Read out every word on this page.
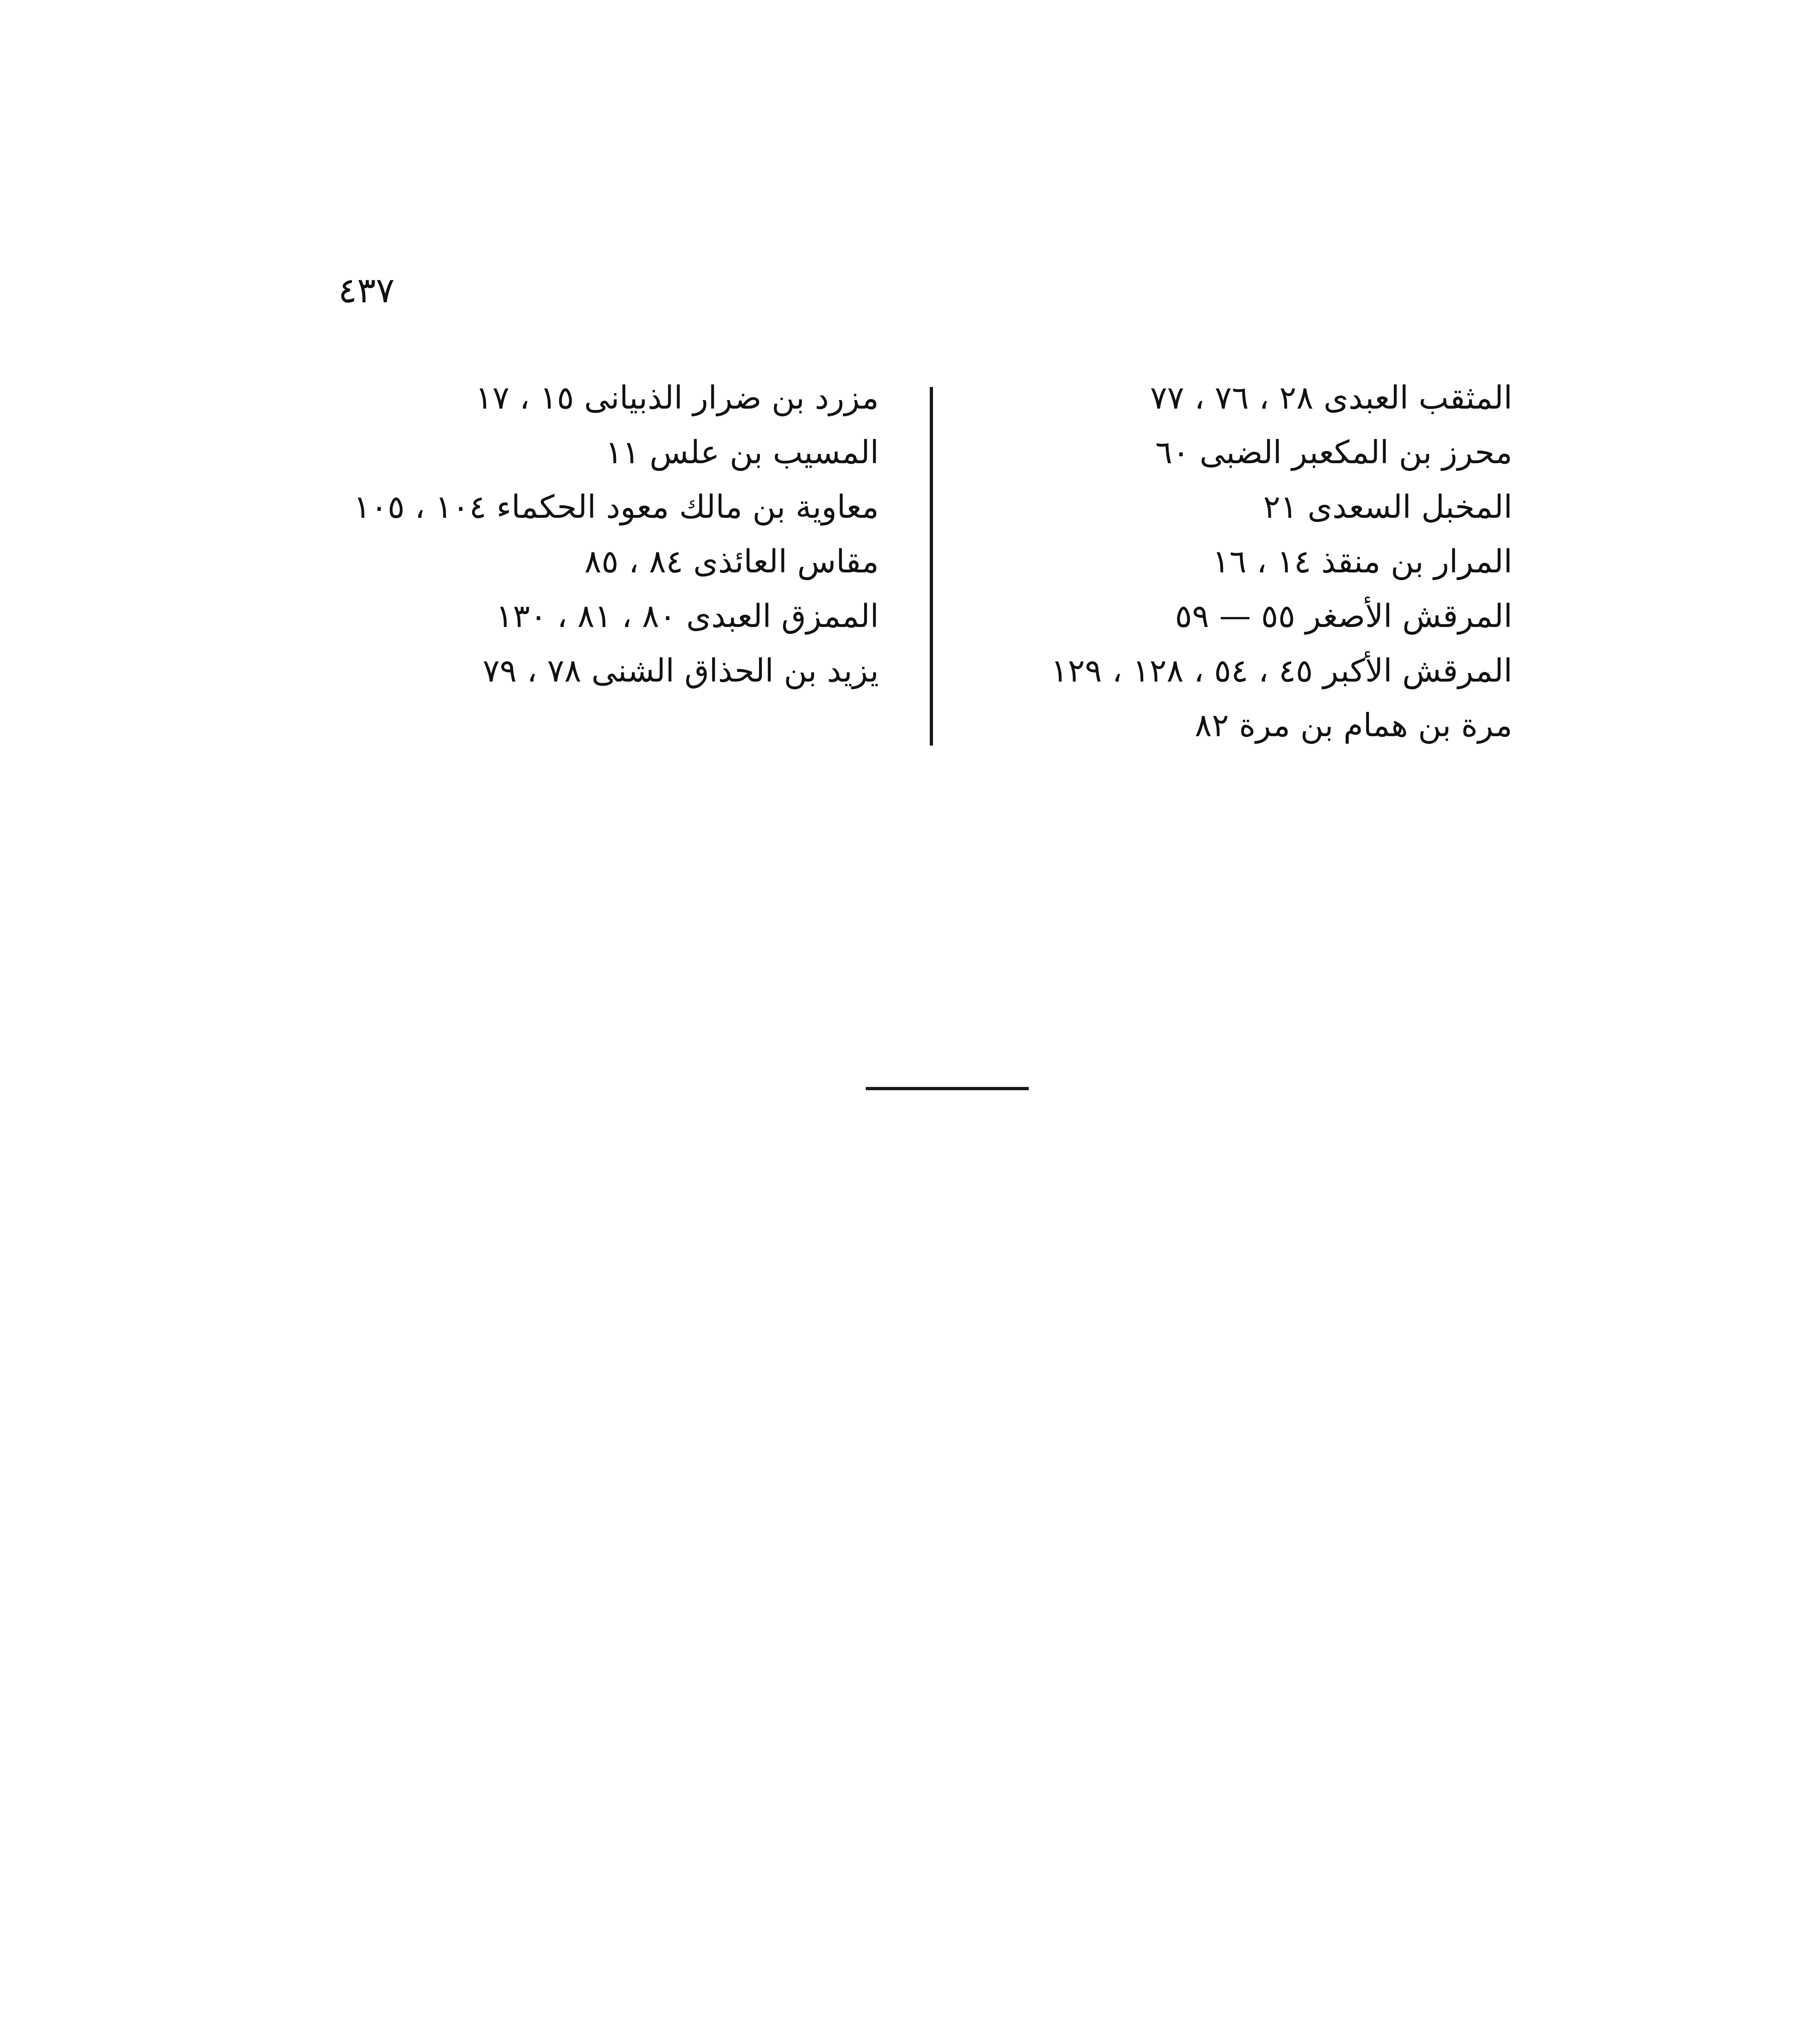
٤٣٧
المثقب العبدى ٢٨ ، ٧٦ ، ٧٧
محرز بن المكعبر الضبى ٦٠
المخبل السعدى ٢١
المرار بن منقذ ١٤ ، ١٦
المرقش الأصغر ٥٥ — ٥٩
المرقش الأكبر ٤٥ ، ٥٤ ، ١٢٨ ، ١٢٩
مرة بن همام بن مرة ٨٢
مزرد بن ضرار الذبيانى ١٥ ، ١٧
المسيب بن علس ١١
معاوية بن مالك معود الحكماء ١٠٤ ، ١٠٥
مقاس العائذى ٨٤ ، ٨٥
الممزق العبدى ٨٠ ، ٨١ ، ١٣٠
يزيد بن الحذاق الشنى ٧٨ ، ٧٩
